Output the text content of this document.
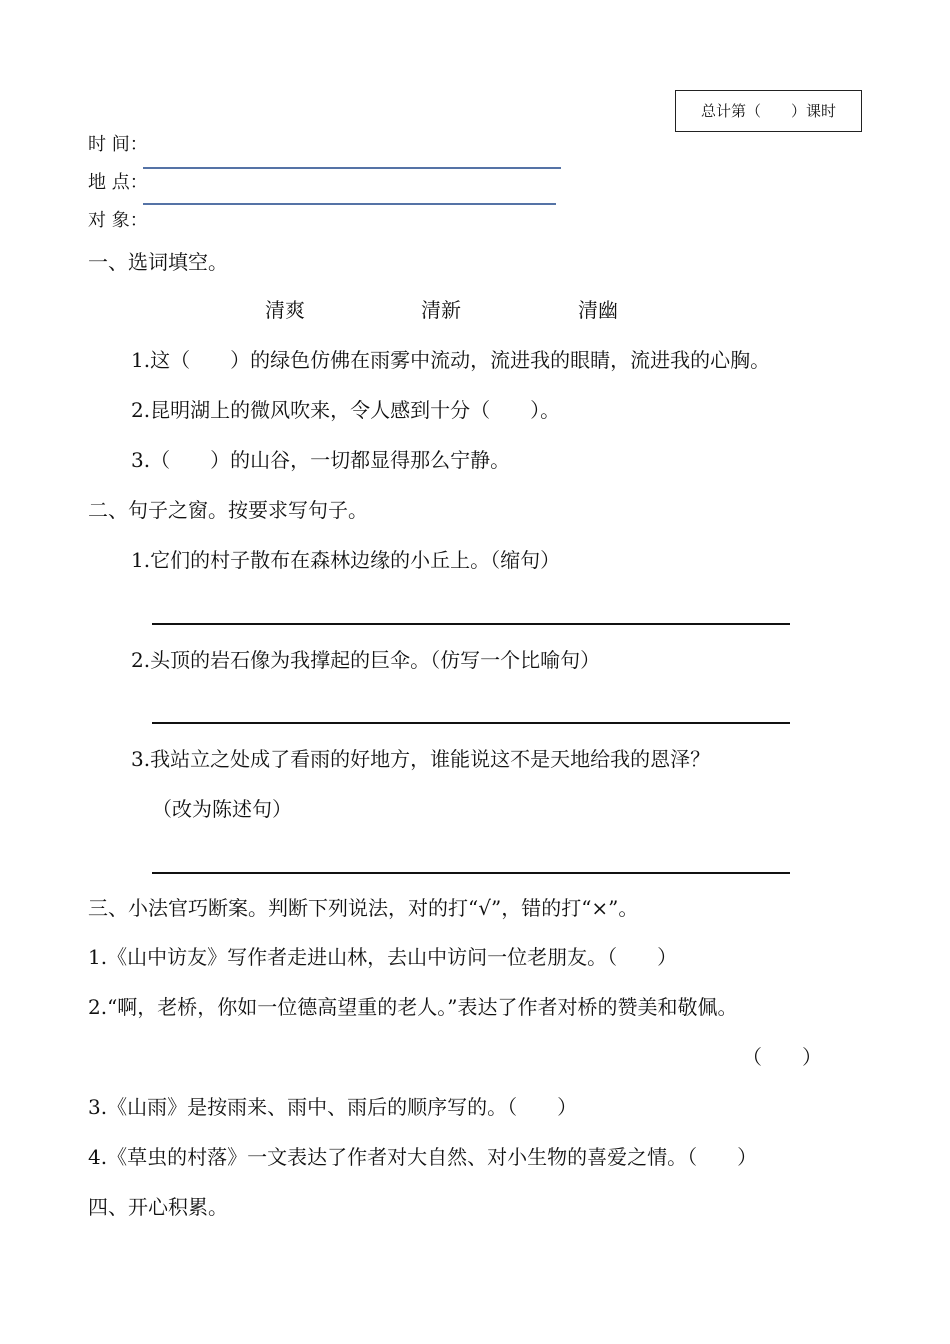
总计第（　　）课时
时 间：
地 点：
对 象：
一、选词填空。
清爽	清新	清幽
1.这（　　）的绿色仿佛在雨雾中流动，流进我的眼睛，流进我的心胸。
2.昆明湖上的微风吹来，令人感到十分（　　）。
3.（　　）的山谷，一切都显得那么宁静。
二、句子之窗。按要求写句子。
1.它们的村子散布在森林边缘的小丘上。（缩句）
2.头顶的岩石像为我撑起的巨伞。（仿写一个比喻句）
3.我站立之处成了看雨的好地方，谁能说这不是天地给我的恩泽？
（改为陈述句）
三、小法官巧断案。判断下列说法，对的打“√”，错的打“×”。
1.《山中访友》写作者走进山林，去山中访问一位老朋友。（　　）
2.“啊，老桥，你如一位德高望重的老人。”表达了作者对桥的赞美和敬佩。
（　　）
3.《山雨》是按雨来、雨中、雨后的顺序写的。（　　）
4.《草虫的村落》一文表达了作者对大自然、对小生物的喜爱之情。（　　）
四、开心积累。
